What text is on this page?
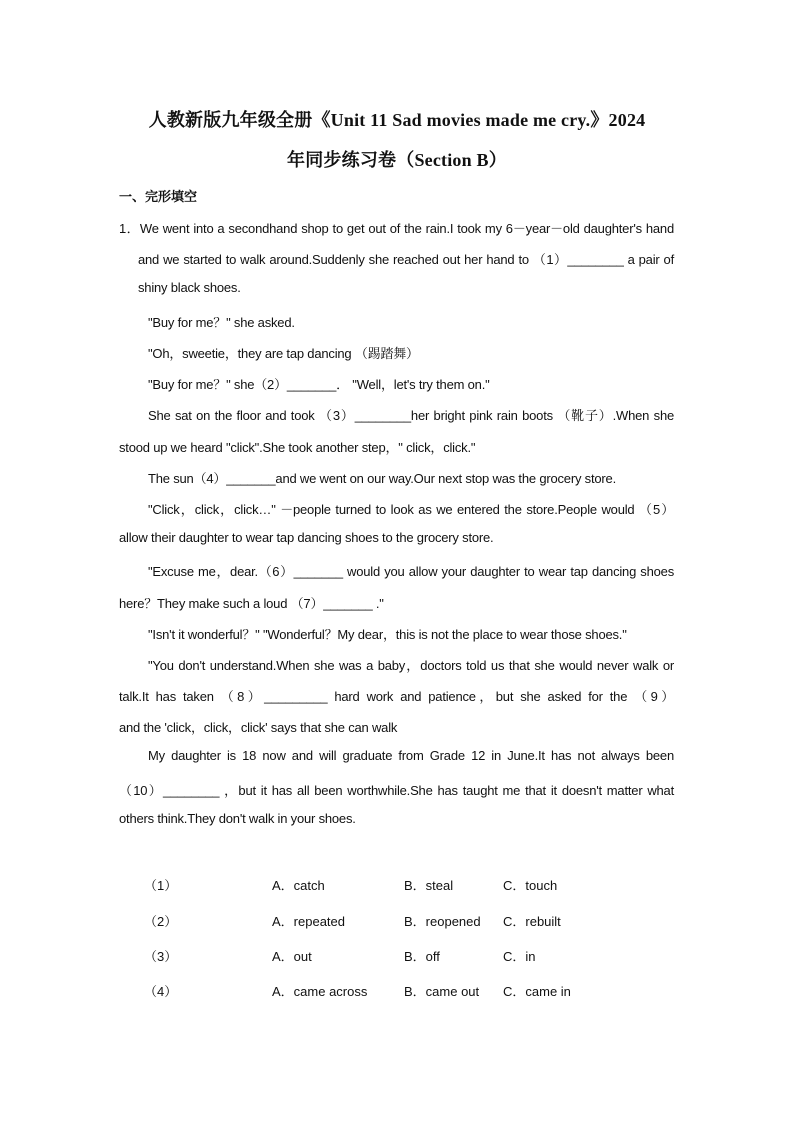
人教新版九年级全册《Unit 11 Sad movies made me cry.》2024
年同步练习卷（Section B）
一、完形填空
1．We went into a secondhand shop to get out of the rain.I took my 6－year－old daughter's hand
and we started to walk around.Suddenly she reached out her hand to （1）________ a pair of
shiny black shoes.
"Buy for me？" she asked.
"Oh，sweetie，they are tap dancing （踢踏舞）
"Buy for me？" she（2）_______． "Well，let's try them on."
She sat on the floor and took （3）________her bright pink rain boots （靴子）.When she
stood up we heard "click".She took another step，" click，click."
The sun（4）_______and we went on our way.Our next stop was the grocery store.
"Click，click，click…" －people turned to look as we entered the store.People would （5）
allow their daughter to wear tap dancing shoes to the grocery store.
"Excuse me，dear.（6）_______ would you allow your daughter to wear tap dancing shoes
here？They make such a loud （7）_______ ."
"Isn't it wonderful？" "Wonderful？My dear，this is not the place to wear those shoes."
"You don't understand.When she was a baby，doctors told us that she would never walk or
talk.It has taken （8）_________ hard work and patience，but she asked for the （9）
and the 'click，click，click' says that she can walk
My daughter is 18 now and will graduate from Grade 12 in June.It has not always been
（10）________ ，but it has all been worthwhile.She has taught me that it doesn't matter what
others think.They don't walk in your shoes.
（1）	A．catch	B．steal	C．touch
（2）	A．repeated	B．reopened C．rebuilt
（3）	A．out	B．off	C．in
（4）	A．came across	B．came out C．came in
